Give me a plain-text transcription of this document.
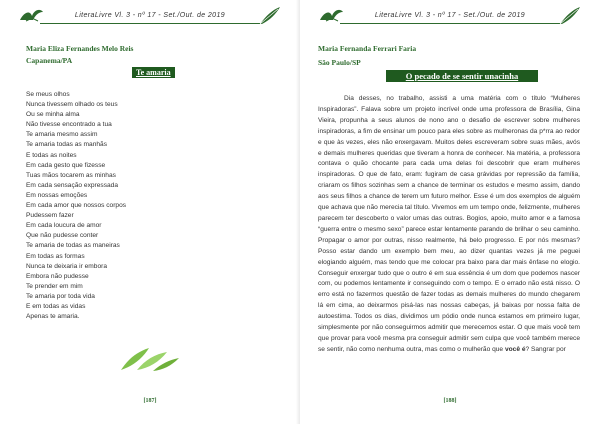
LiteraLivre Vl. 3 - nº 17 - Set./Out. de 2019
Maria Eliza Fernandes Melo Reis
Capanema/PA
Te amaria
Se meus olhos
Nunca tivessem olhado os teus
Ou se minha alma
Não tivesse encontrado a tua
Te amaria mesmo assim
Te amaria todas as manhãs
E todas as noites
Em cada gesto que fizesse
Tuas mãos tocarem as minhas
Em cada sensação expressada
Em nossas emoções
Em cada amor que nossos corpos
Pudessem fazer
Em cada loucura de amor
Que não pudesse conter
Te amaria de todas as maneiras
Em todas as formas
Nunca te deixaria ir embora
Embora não pudesse
Te prender em mim
Te amaria por toda vida
E em todas as vidas
Apenas te amaria.
[187]
LiteraLivre Vl. 3 - nº 17 - Set./Out. de 2019
Maria Fernanda Ferrari Faria
São Paulo/SP
O pecado de se sentir unacinha

Dia desses, no trabalho, assisti a uma matéria com o título “Mulheres Inspiradoras”. Falava sobre um projeto incrível onde uma professora de Brasília, Gina Vieira, propunha a seus alunos de nono ano o desafio de escrever sobre mulheres inspiradoras, a fim de ensinar um pouco para eles sobre as mulheronas da p*rra ao redor e que às vezes, eles não enxergavam. Muitos deles escreveram sobre suas mães, avós e demais mulheres queridas que tiveram a honra de conhecer. Na matéria, a professora contava o quão chocante para cada uma delas foi descobrir que eram mulheres inspiradoras. O que de fato, eram: fugiram de casa grávidas por repressão da família, criaram os filhos sozinhas sem a chance de terminar os estudos e mesmo assim, dando aos seus filhos a chance de terem um futuro melhor. Esse é um dos exemplos de alguém que achava que não merecia tal título. Vivemos em um tempo onde, felizmente, mulheres parecem ter descoberto o valor umas das outras. Bogios, apoio, muito amor e a famosa “guerra entre o mesmo sexo” parece estar lentamente parando de brilhar o seu caminho. Propagar o amor por outras, nisso realmente, há belo progresso. E por nós mesmas? Posso estar dando um exemplo bem meu, ao dizer quantas vezes já me peguei elogiando alguém, mas tendo que me colocar pra baixo para dar mais ênfase no elogio. Conseguir enxergar tudo que o outro é em sua essência é um dom que podemos nascer com, ou podemos lentamente ir conseguindo com o tempo. E o errado não está nisso. O erro está no fazermos questão de fazer todas as demais mulheres do mundo chegarem lá em cima, ao deixarmos pisá-las nas nossas cabeças, já baixas por nossa falta de autoestima. Todos os dias, dividimos um pódio onde nunca estamos em primeiro lugar, simplesmente por não conseguirmos admitir que merecemos estar. O que mais você tem que provar para você mesma pra conseguir admitir sem culpa que você também merece se sentir, não como nenhuma outra, mas como o mulherão que você é? Sangrar por

[188]
